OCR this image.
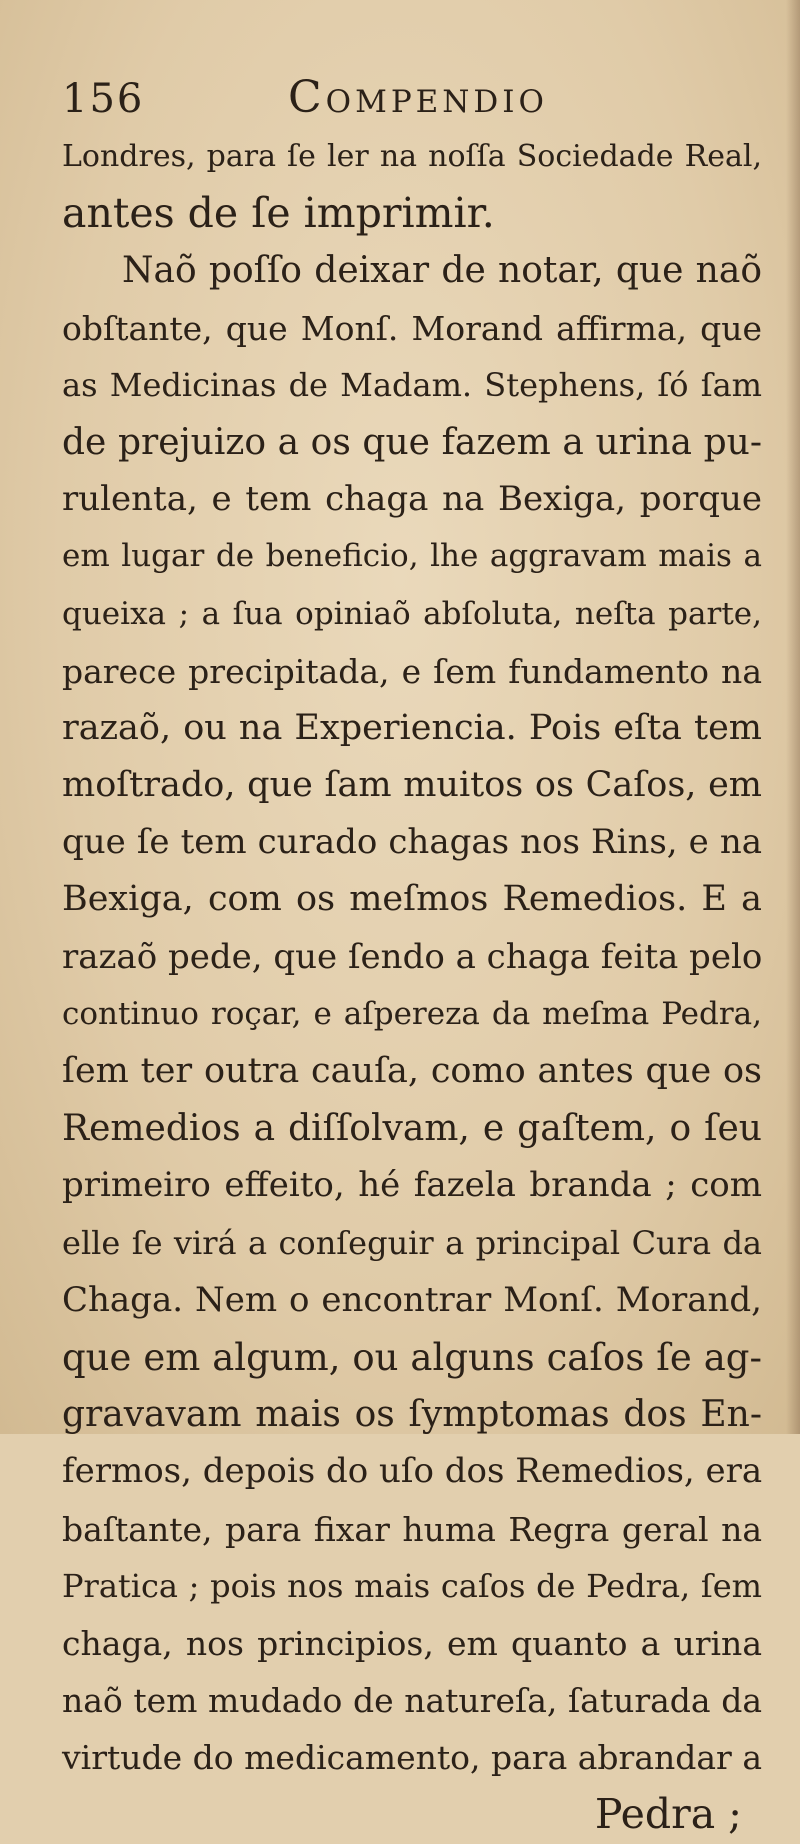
156	Compendio
Londres, para ſe ler na noſſa Sociedade Real,
antes de ſe imprimir.
Naõ poſſo deixar de notar, que naõ
obſtante, que Monſ. Morand affirma, que
as Medicinas de Madam. Stephens, ſó ſam
de prejuizo a os que fazem a urina pu-
rulenta, e tem chaga na Bexiga, porque
em lugar de beneficio, lhe aggravam mais a
queixa ; a ſua opiniaõ abſoluta, neſta parte,
parece precipitada, e ſem fundamento na
razaõ, ou na Experiencia. Pois eſta tem
moſtrado, que ſam muitos os Caſos, em
que ſe tem curado chagas nos Rins, e na
Bexiga, com os meſmos Remedios. E a
razaõ pede, que ſendo a chaga feita pelo
continuo roçar, e aſpereza da meſma Pedra,
ſem ter outra cauſa, como antes que os
Remedios a diſſolvam, e gaſtem, o ſeu
primeiro effeito, hé fazela branda ; com
elle ſe virá a conſeguir a principal Cura da
Chaga. Nem o encontrar Monſ. Morand,
que em algum, ou alguns caſos ſe ag-
gravavam mais os ſymptomas dos En-
fermos, depois do uſo dos Remedios, era
baſtante, para fixar huma Regra geral na
Pratica ; pois nos mais caſos de Pedra, ſem
chaga, nos principios, em quanto a urina
naõ tem mudado de natureſa, ſaturada da
virtude do medicamento, para abrandar a
Pedra ;
